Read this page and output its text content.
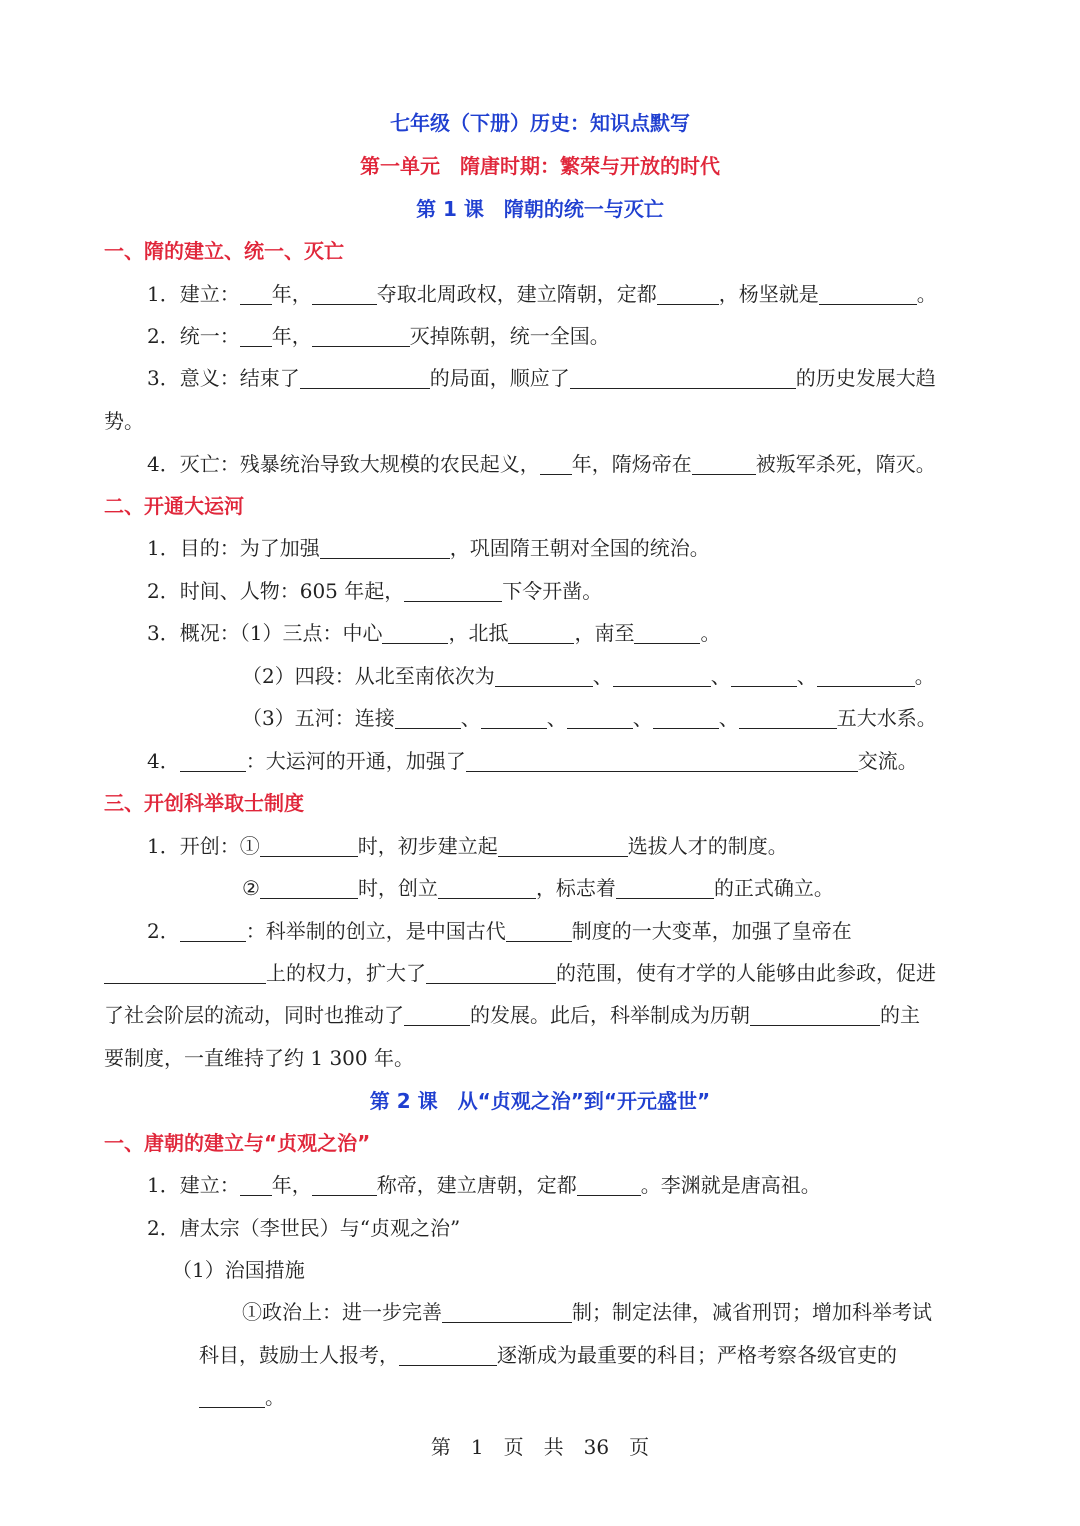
七年级（下册）历史：知识点默写
第一单元　隋唐时期：繁荣与开放的时代
第 1 课　隋朝的统一与灭亡
一、隋的建立、统一、灭亡
1．建立： 年，	夺取北周政权，建立隋朝，定都	，杨坚就是	。
2．统一： 年，	灭掉陈朝，统一全国。
3．意义：结束了	的局面，顺应了	的历史发展大趋
势。
4．灭亡：残暴统治导致大规模的农民起义， 年，隋炀帝在	被叛军杀死，隋灭。
二、开通大运河
1．目的：为了加强	，巩固隋王朝对全国的统治。
2．时间、人物：605 年起，	下令开凿。
3．概况：（1）三点：中心	，北抵	，南至	。
（2）四段：从北至南依次为	、	、	、	。
（3）五河：连接	、	、	、	、	五大水系。
4．	：大运河的开通，加强了	交流。
三、开创科举取士制度
1．开创：①	时，初步建立起	选拔人才的制度。
②	时，创立	，标志着	的正式确立。
2．	：科举制的创立，是中国古代	制度的一大变革，加强了皇帝在
上的权力，扩大了	的范围，使有才学的人能够由此参政，促进
了社会阶层的流动，同时也推动了	的发展。此后，科举制成为历朝	的主
要制度，一直维持了约 1 300 年。
第 2 课　从“贞观之治”到“开元盛世”
一、唐朝的建立与“贞观之治”
1．建立： 年，	称帝，建立唐朝，定都	。李渊就是唐高祖。
2．唐太宗（李世民）与“贞观之治”
（1）治国措施
①政治上：进一步完善	制；制定法律，减省刑罚；增加科举考试
科目，鼓励士人报考，	逐渐成为最重要的科目；严格考察各级官吏的
。
第　1　页　共　36　页
